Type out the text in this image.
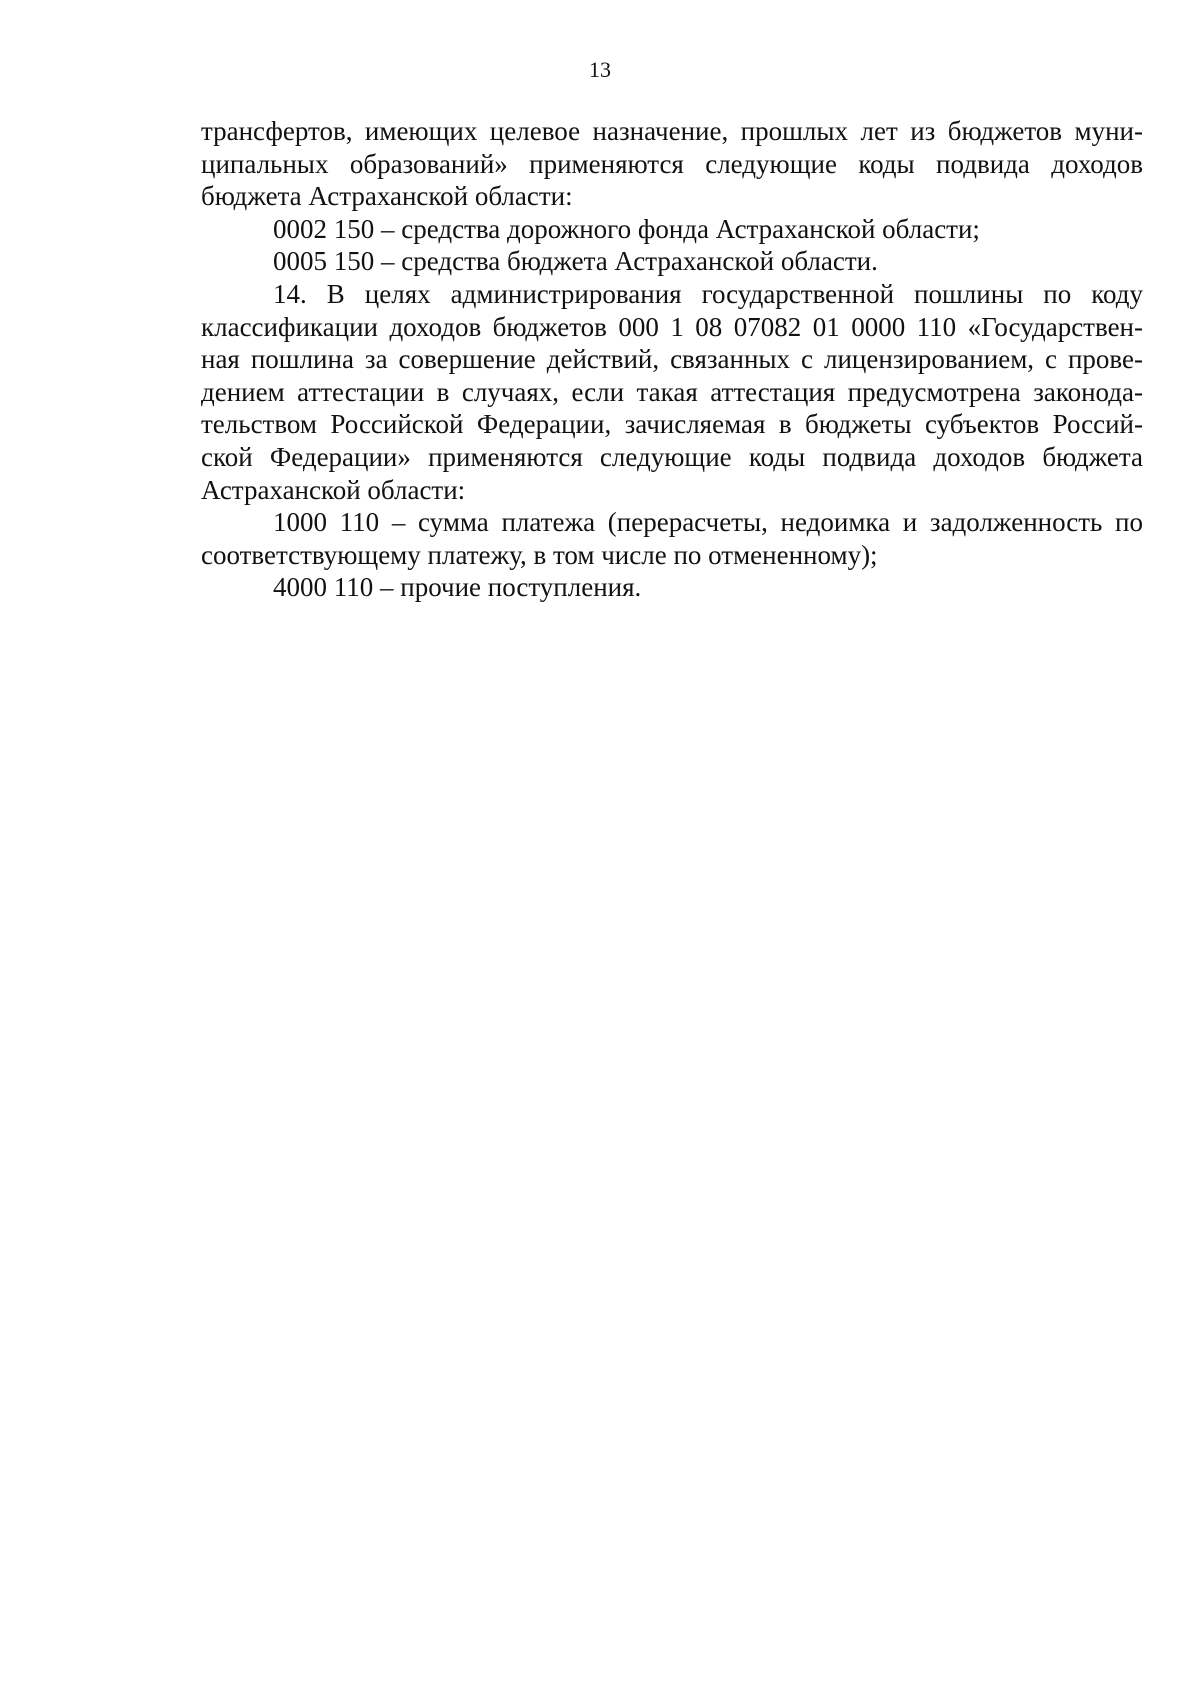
13
трансфертов, имеющих целевое назначение, прошлых лет из бюджетов муни-
ципальных образований» применяются следующие коды подвида доходов
бюджета Астраханской области:
0002 150 – средства дорожного фонда Астраханской области;
0005 150 – средства бюджета Астраханской области.
14. В целях администрирования государственной пошлины по коду
классификации доходов бюджетов 000 1 08 07082 01 0000 110 «Государствен-
ная пошлина за совершение действий, связанных с лицензированием, с прове-
дением аттестации в случаях, если такая аттестация предусмотрена законода-
тельством Российской Федерации, зачисляемая в бюджеты субъектов Россий-
ской Федерации» применяются следующие коды подвида доходов бюджета
Астраханской области:
1000 110 – сумма платежа (перерасчеты, недоимка и задолженность по
соответствующему платежу, в том числе по отмененному);
4000 110 – прочие поступления.
